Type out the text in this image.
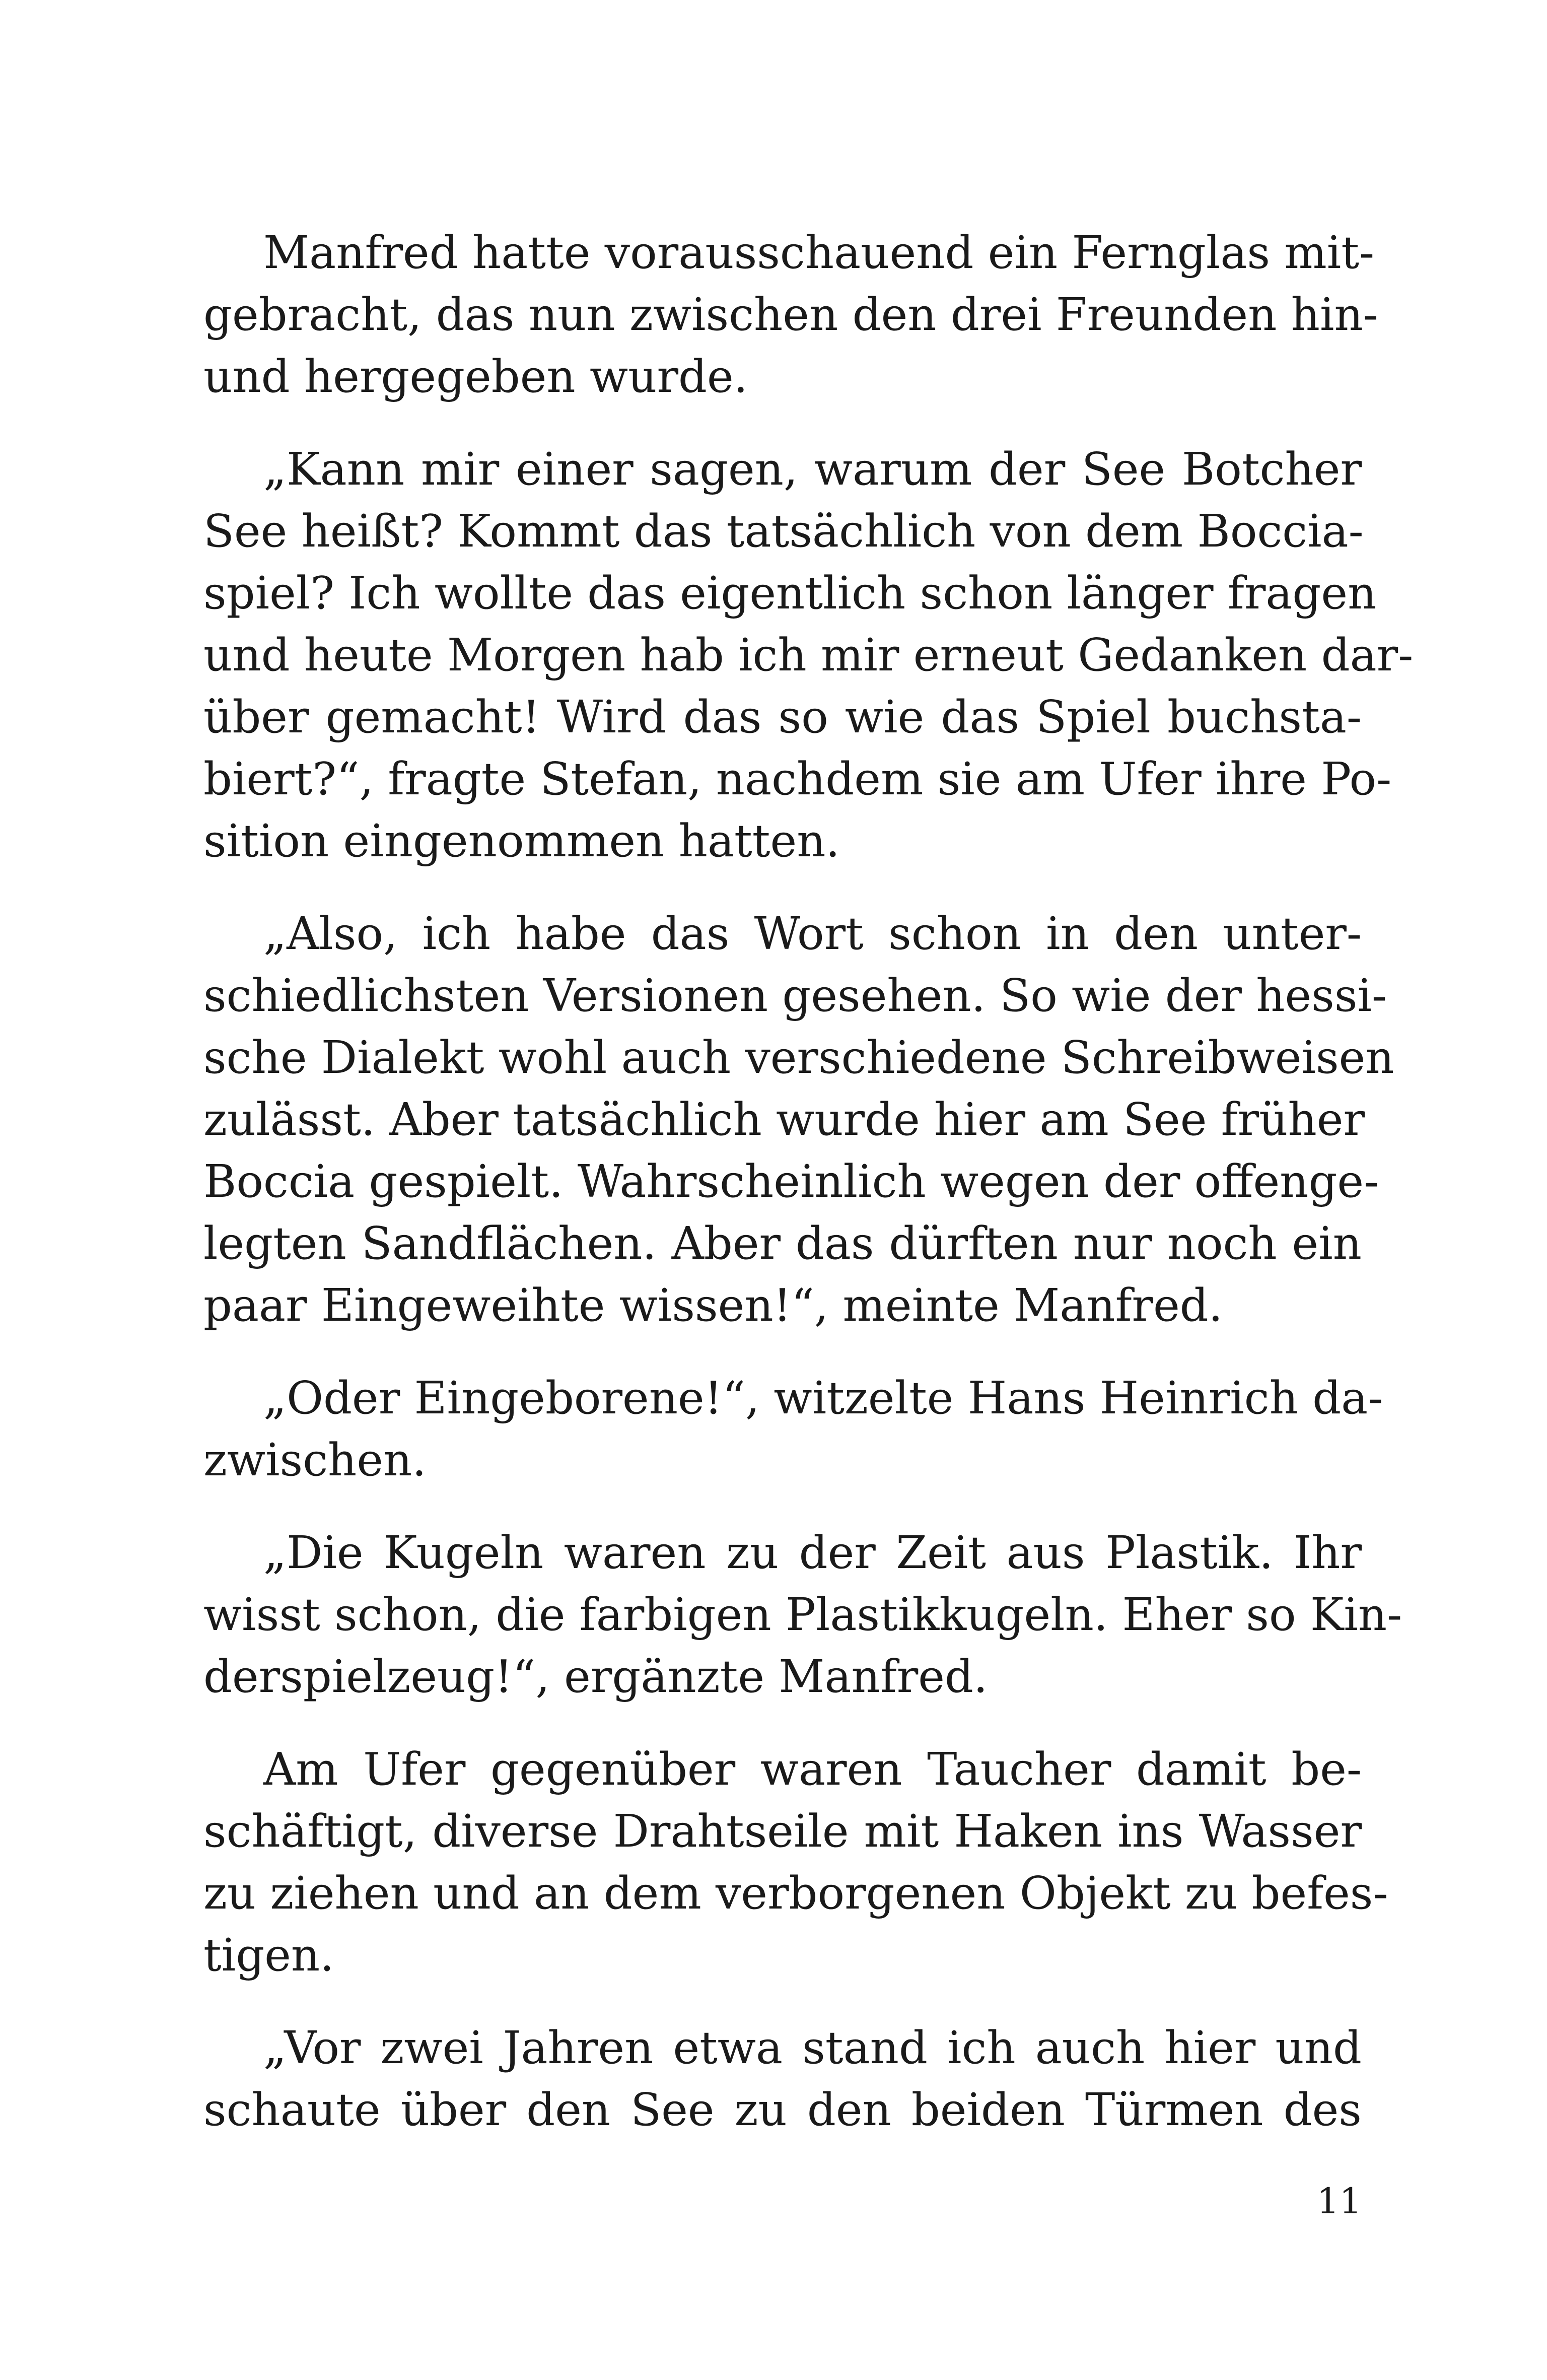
Manfred hatte vorausschauend ein Fernglas mit-
gebracht, das nun zwischen den drei Freunden hin-
und hergegeben wurde.

„Kann mir einer sagen, warum der See Botcher
See heißt? Kommt das tatsächlich von dem Boccia-
spiel? Ich wollte das eigentlich schon länger fragen
und heute Morgen hab ich mir erneut Gedanken dar-
über gemacht! Wird das so wie das Spiel buchsta-
biert?“, fragte Stefan, nachdem sie am Ufer ihre Po-
sition eingenommen hatten.

„Also, ich habe das Wort schon in den unter-
schiedlichsten Versionen gesehen. So wie der hessi-
sche Dialekt wohl auch verschiedene Schreibweisen
zulässt. Aber tatsächlich wurde hier am See früher
Boccia gespielt. Wahrscheinlich wegen der offenge-
legten Sandflächen. Aber das dürften nur noch ein
paar Eingeweihte wissen!“, meinte Manfred.

„Oder Eingeborene!“, witzelte Hans Heinrich da-
zwischen.

„Die Kugeln waren zu der Zeit aus Plastik. Ihr
wisst schon, die farbigen Plastikkugeln. Eher so Kin-
derspielzeug!“, ergänzte Manfred.

Am Ufer gegenüber waren Taucher damit be-
schäftigt, diverse Drahtseile mit Haken ins Wasser
zu ziehen und an dem verborgenen Objekt zu befes-
tigen.

„Vor zwei Jahren etwa stand ich auch hier und
schaute über den See zu den beiden Türmen des

11
